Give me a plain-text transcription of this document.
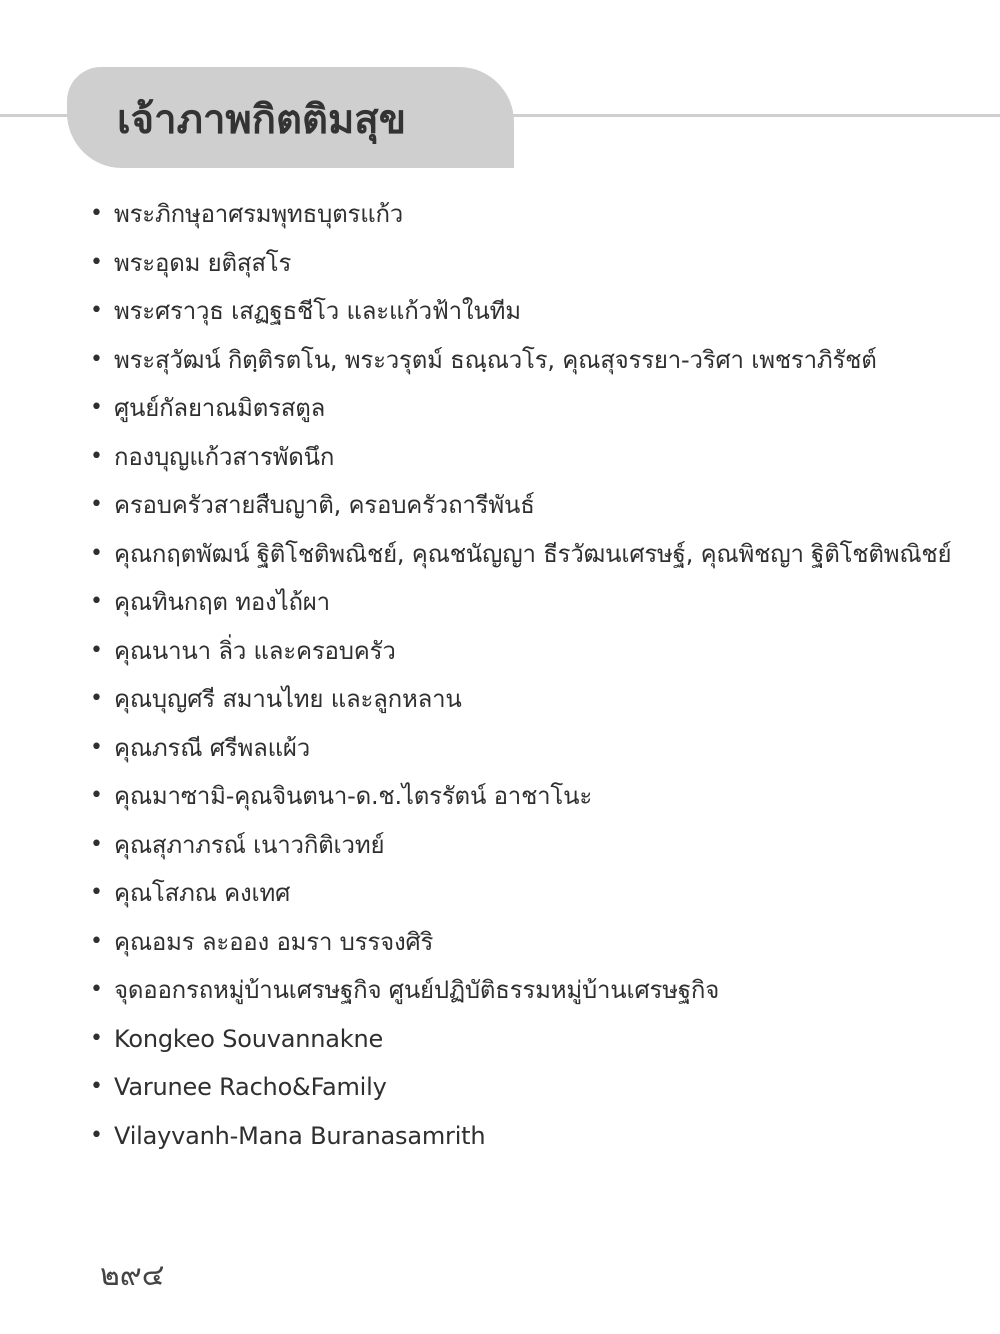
เจ้าภาพกิตติมสุข
• พระภิกษุอาศรมพุทธบุตรแก้ว
• พระอุดม ยติสุสโร
• พระศราวุธ เสฏฐธชีโว และแก้วฟ้าในทีม
• พระสุวัฒน์ กิตฺติรตโน, พระวรุตม์ ธณฺณวโร, คุณสุจรรยา-วริศา เพชราภิรัชต์
• ศูนย์กัลยาณมิตรสตูล
• กองบุญแก้วสารพัดนึก
• ครอบครัวสายสืบญาติ, ครอบครัวถารีพันธ์
• คุณกฤตพัฒน์ ฐิติโชติพณิชย์, คุณชนัญญา ธีรวัฒนเศรษฐ์, คุณพิชญา ฐิติโชติพณิชย์
• คุณทินกฤต ทองไถ้ผา
• คุณนานา ลิ่ว และครอบครัว
• คุณบุญศรี สมานไทย และลูกหลาน
• คุณภรณี ศรีพลแผ้ว
• คุณมาซามิ-คุณจินตนา-ด.ช.ไตรรัตน์ อาชาโนะ
• คุณสุภาภรณ์ เนาวกิติเวทย์
• คุณโสภณ คงเทศ
• คุณอมร ละออง อมรา บรรจงศิริ
• จุดออกรถหมู่บ้านเศรษฐกิจ ศูนย์ปฏิบัติธรรมหมู่บ้านเศรษฐกิจ
• Kongkeo Souvannakne
• Varunee Racho&Family
• Vilayvanh-Mana Buranasamrith
๒๙๔
